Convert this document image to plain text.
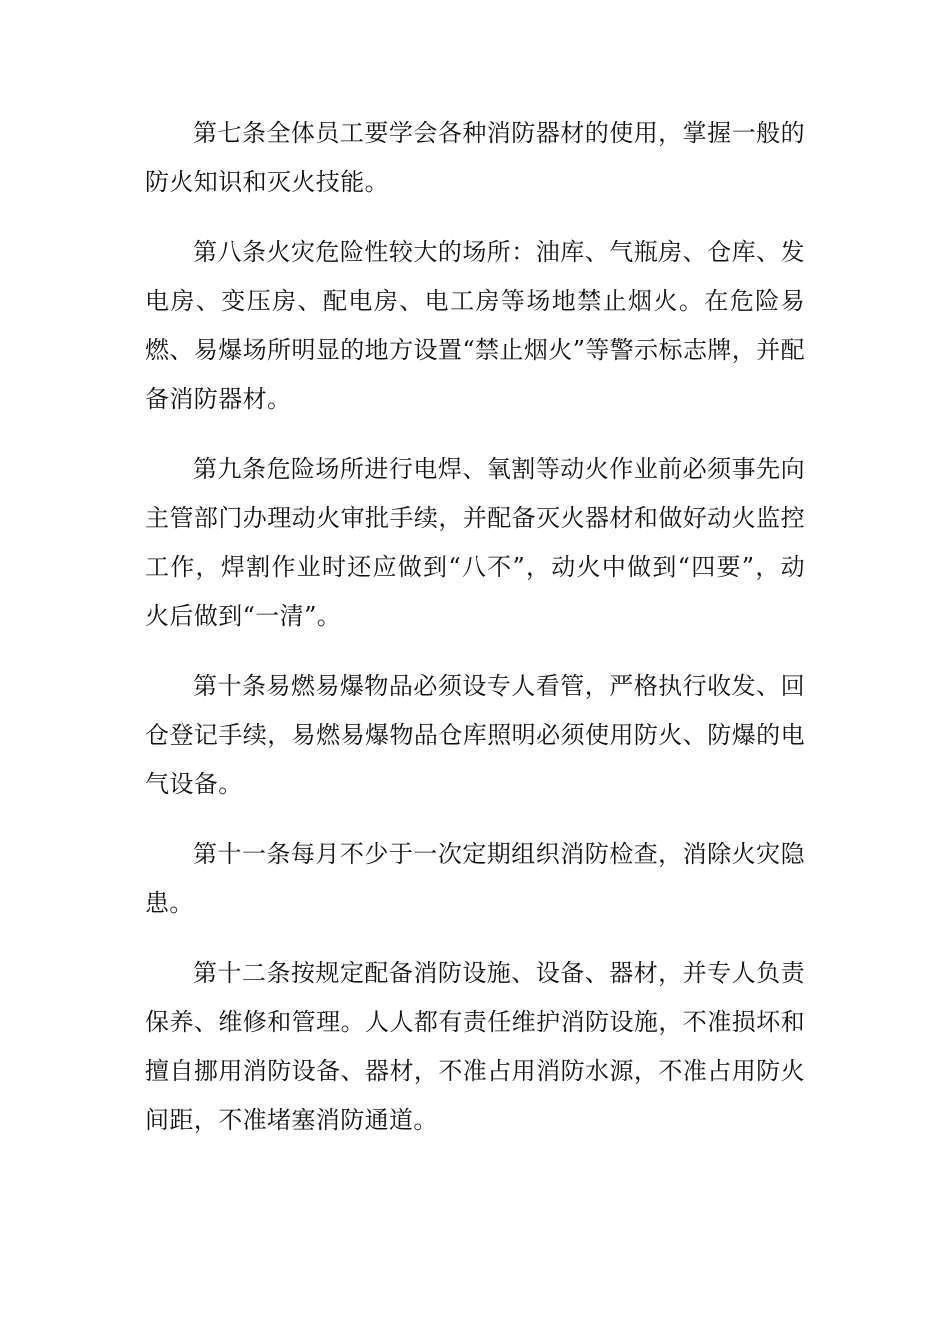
第七条全体员工要学会各种消防器材的使用，掌握一般的防火知识和灭火技能。

第八条火灾危险性较大的场所：油库、气瓶房、仓库、发电房、变压房、配电房、电工房等场地禁止烟火。在危险易燃、易爆场所明显的地方设置“禁止烟火”等警示标志牌，并配备消防器材。

第九条危险场所进行电焊、氧割等动火作业前必须事先向主管部门办理动火审批手续，并配备灭火器材和做好动火监控工作，焊割作业时还应做到“八不”，动火中做到“四要”，动火后做到“一清”。

第十条易燃易爆物品必须设专人看管，严格执行收发、回仓登记手续，易燃易爆物品仓库照明必须使用防火、防爆的电气设备。

第十一条每月不少于一次定期组织消防检查，消除火灾隐患。

第十二条按规定配备消防设施、设备、器材，并专人负责保养、维修和管理。人人都有责任维护消防设施，不准损坏和擅自挪用消防设备、器材，不准占用消防水源，不准占用防火间距，不准堵塞消防通道。
